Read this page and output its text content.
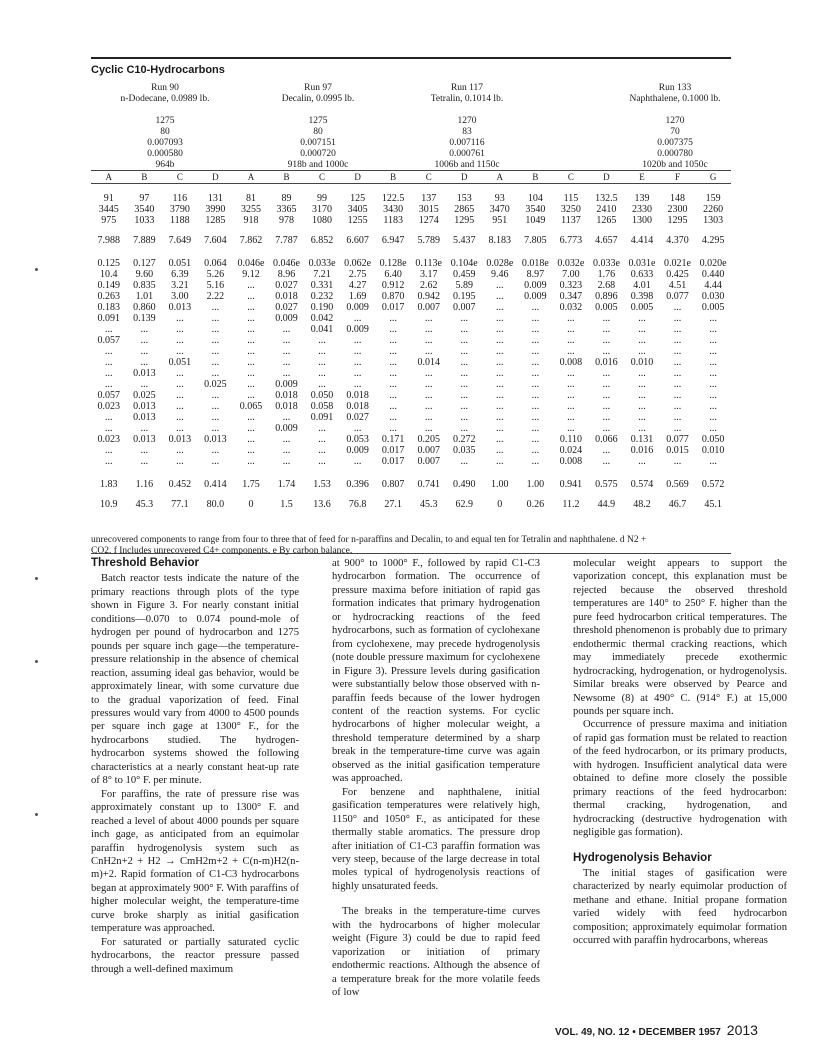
Cyclic C10-Hydrocarbons
Run 90
n-Dodecane, 0.0989 lb.
Run 97
Decalin, 0.0995 lb.
Run 117
Tetralin, 0.1014 lb.
Run 133
Naphthalene, 0.1000 lb.
1275
80
0.007093
0.000580
964b
1275
80
0.007151
0.000720
918b and 1000c
1270
83
0.007116
0.000761
1006b and 1150c
1270
70
0.007375
0.000780
1020b and 1050c
A	B	C	D	A	B	C	D	B	C	D	A	B	C	D	E	F	G

91	97	116	131	81	89	99	125	122.5	137	153	93	104	115	132.5	139	148	159
3445	3540	3790	3990	3255	3365	3170	3405	3430	3015	2865	3470	3540	3250	2410	2330	2300	2260
975	1033	1188	1285	918	978	1080	1255	1183	1274	1295	951	1049	1137	1265	1300	1295	1303

7.988	7.889	7.649	7.604	7.862	7.787	6.852	6.607	6.947	5.789	5.437	8.183	7.805	6.773	4.657	4.414	4.370	4.295

0.125	0.127	0.051	0.064	0.046e	0.046e	0.033e	0.062e	0.128e	0.113e	0.104e	0.028e	0.018e	0.032e	0.033e	0.031e	0.021e	0.020e
10.4	9.60	6.39	5.26	9.12	8.96	7.21	2.75	6.40	3.17	0.459	9.46	8.97	7.00	1.76	0.633	0.425	0.440
0.149	0.835	3.21	5.16	...	0.027	0.331	4.27	0.912	2.62	5.89	...	0.009	0.323	2.68	4.01	4.51	4.44
0.263	1.01	3.00	2.22	...	0.018	0.232	1.69	0.870	0.942	0.195	...	0.009	0.347	0.896	0.398	0.077	0.030
0.183	0.860	0.013	...	...	0.027	0.190	0.009	0.017	0.007	0.007	...	...	0.032	0.005	0.005	...	0.005
0.091	0.139	...	...	...	0.009	0.042	...	...	...	...	...	...	...	...	...	...	...
...	...	...	...	...	...	0.041	0.009	...	...	...	...	...	...	...	...	...	...
0.057	...	...	...	...	...	...	...	...	...	...	...	...	...	...	...	...	...
...	...	...	...	...	...	...	...	...	...	...	...	...	...	...	...	...	...
...	...	0.051	...	...	...	...	...	...	0.014	...	...	...	0.008	0.016	0.010	...	...
...	0.013	...	...	...	...	...	...	...	...	...	...	...	...	...	...	...	...
...	...	...	0.025	...	0.009	...	...	...	...	...	...	...	...	...	...	...	...
0.057	0.025	...	...	...	0.018	0.050	0.018	...	...	...	...	...	...	...	...	...	...
0.023	0.013	...	...	0.065	0.018	0.058	0.018	...	...	...	...	...	...	...	...	...	...
...	0.013	...	...	...	...	0.091	0.027	...	...	...	...	...	...	...	...	...	...
...	...	...	...	...	0.009	...	...	...	...	...	...	...	...	...	...	...	...
0.023	0.013	0.013	0.013	...	...	...	0.053	0.171	0.205	0.272	...	...	0.110	0.066	0.131	0.077	0.050
...	...	...	...	...	...	...	0.009	0.017	0.007	0.035	...	...	0.024	...	0.016	0.015	0.010
...	...	...	...	...	...	...	...	0.017	0.007	...	...	...	0.008	...	...	...	...

1.83	1.16	0.452	0.414	1.75	1.74	1.53	0.396	0.807	0.741	0.490	1.00	1.00	0.941	0.575	0.574	0.569	0.572

10.9	45.3	77.1	80.0	0	1.5	13.6	76.8	27.1	45.3	62.9	0	0.26	11.2	44.9	48.2	46.7	45.1
unrecovered components to range from four to three that of feed for n-paraffins and Decalin, to and equal ten for Tetralin and naphthalene. d N2 +
CO2. f Includes unrecovered C4+ components. e By carbon balance.
Threshold Behavior

Batch reactor tests indicate the nature of the primary reactions through plots of the type shown in Figure 3. For nearly constant initial conditions—0.070 to 0.074 pound-mole of hydrogen per pound of hydrocarbon and 1275 pounds per square inch gage—the temperature-pressure relationship in the absence of chemical reaction, assuming ideal gas behavior, would be approximately linear, with some curvature due to the gradual vaporization of feed. Final pressures would vary from 4000 to 4500 pounds per square inch gage at 1300° F., for the hydrocarbons studied. The hydrogen-hydrocarbon systems showed the following characteristics at a nearly constant heat-up rate of 8° to 10° F. per minute.

For paraffins, the rate of pressure rise was approximately constant up to 1300° F. and reached a level of about 4000 pounds per square inch gage, as anticipated from an equimolar paraffin hydrogenolysis system such as CnH2n+2 + H2 → CmH2m+2 + C(n-m)H2(n-m)+2. Rapid formation of C1-C3 hydrocarbons began at approximately 900° F. With paraffins of higher molecular weight, the temperature-time curve broke sharply as initial gasification temperature was approached.

For saturated or partially saturated cyclic hydrocarbons, the reactor pressure passed through a well-defined maximum

at 900° to 1000° F., followed by rapid C1-C3 hydrocarbon formation. The occurrence of pressure maxima before initiation of rapid gas formation indicates that primary hydrogenation or hydrocracking reactions of the feed hydrocarbons, such as formation of cyclohexane from cyclohexene, may precede hydrogenolysis (note double pressure maximum for cyclohexene in Figure 3). Pressure levels during gasification were substantially below those observed with n-paraffin feeds because of the lower hydrogen content of the reaction systems. For cyclic hydrocarbons of higher molecular weight, a threshold temperature determined by a sharp break in the temperature-time curve was again observed as the initial gasification temperature was approached.

For benzene and naphthalene, initial gasification temperatures were relatively high, 1150° and 1050° F., as anticipated for these thermally stable aromatics. The pressure drop after initiation of C1-C3 paraffin formation was very steep, because of the large decrease in total moles typical of hydrogenolysis reactions of highly unsaturated feeds.

The breaks in the temperature-time curves with the hydrocarbons of higher molecular weight (Figure 3) could be due to rapid feed vaporization or initiation of primary endothermic reactions. Although the absence of a temperature break for the more volatile feeds of low

molecular weight appears to support the vaporization concept, this explanation must be rejected because the observed threshold temperatures are 140° to 250° F. higher than the pure feed hydrocarbon critical temperatures. The threshold phenomenon is probably due to primary endothermic thermal cracking reactions, which may immediately precede exothermic hydrocracking, hydrogenation, or hydrogenolysis. Similar breaks were observed by Pearce and Newsome (8) at 490° C. (914° F.) at 15,000 pounds per square inch.

Occurrence of pressure maxima and initiation of rapid gas formation must be related to reaction of the feed hydrocarbon, or its primary products, with hydrogen. Insufficient analytical data were obtained to define more closely the possible primary reactions of the feed hydrocarbon: thermal cracking, hydrogenation, and hydrocracking (destructive hydrogenation with negligible gas formation).

Hydrogenolysis Behavior

The initial stages of gasification were characterized by nearly equimolar production of methane and ethane. Initial propane formation varied widely with feed hydrocarbon composition; approximately equimolar formation occurred with paraffin hydrocarbons, whereas

VOL. 49, NO. 12 • DECEMBER 1957 2013
